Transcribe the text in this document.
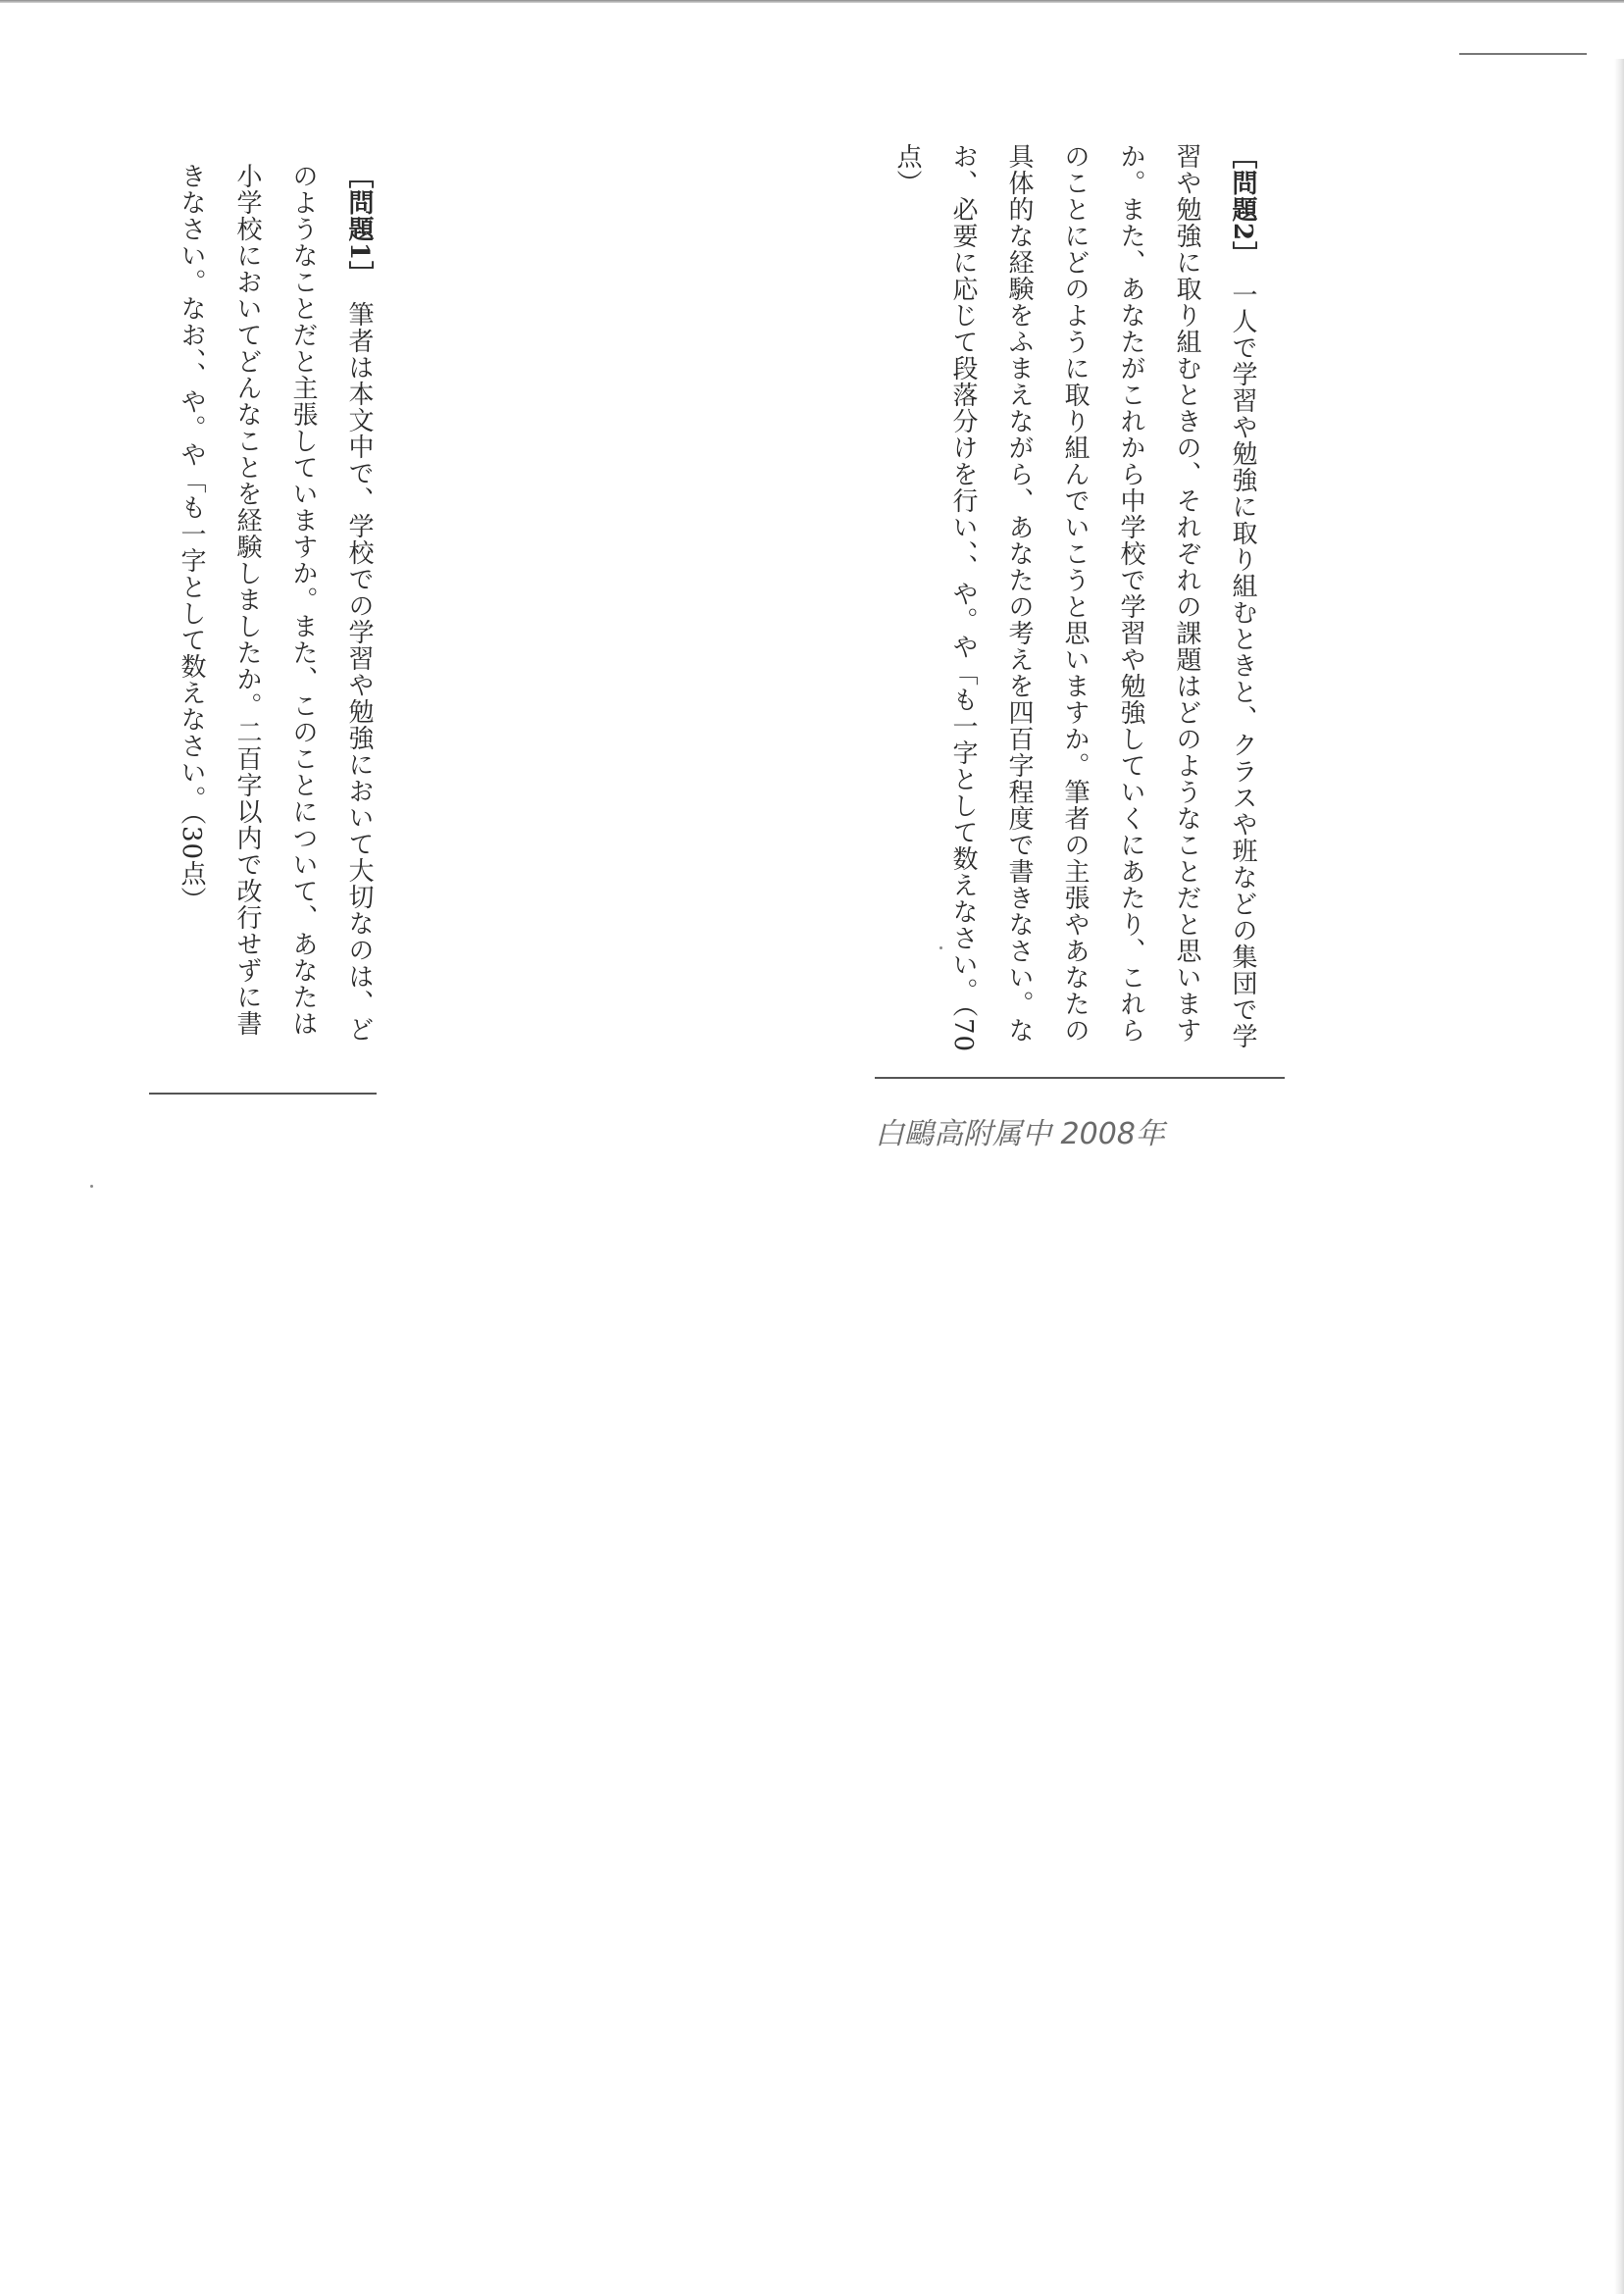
［問題2］　一人で学習や勉強に取り組むときと、クラスや班などの集団で学習や勉強に取り組むときの、それぞれの課題はどのようなことだと思いますか。また、あなたがこれから中学校で学習や勉強していくにあたり、これらのことにどのように取り組んでいこうと思いますか。筆者の主張やあなたの具体的な経験をふまえながら、あなたの考えを四百字程度で書きなさい。なお、必要に応じて段落分けを行い、、や。や「も一字として数えなさい。（70点）
［問題1］　筆者は本文中で、学校での学習や勉強において大切なのは、どのようなことだと主張していますか。また、このことについて、あなたは小学校においてどんなことを経験しましたか。二百字以内で改行せずに書きなさい。なお、、や。や「も一字として数えなさい。（30点）
白鷗高附属中 2008年
